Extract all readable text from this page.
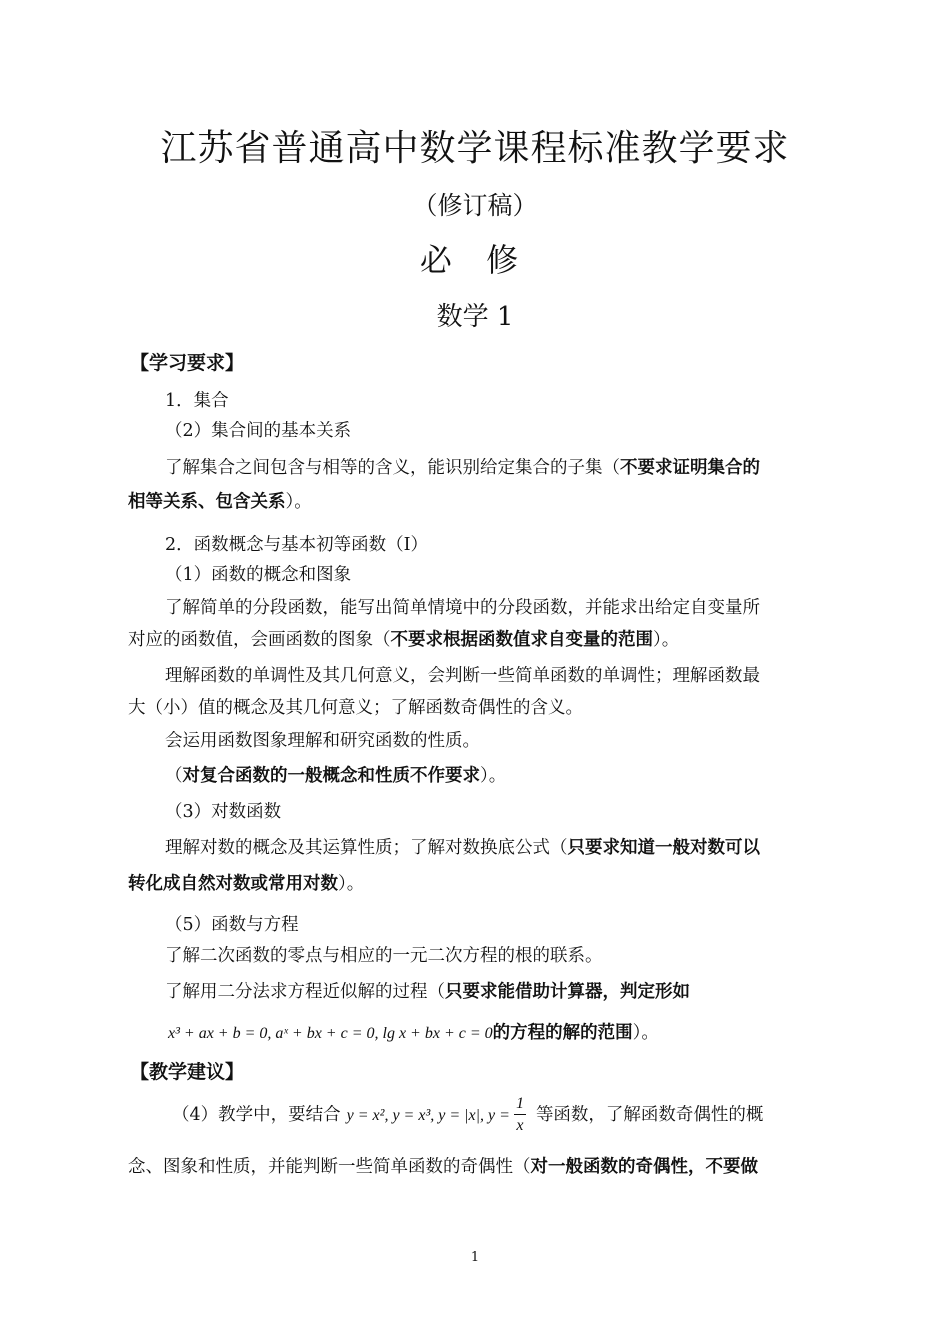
江苏省普通高中数学课程标准教学要求
（修订稿）
必 修
数学 1
【学习要求】
1．集合
（2）集合间的基本关系
了解集合之间包含与相等的含义，能识别给定集合的子集（不要求证明集合的
相等关系、包含关系）。
2．函数概念与基本初等函数（Ⅰ）
（1）函数的概念和图象
了解简单的分段函数，能写出简单情境中的分段函数，并能求出给定自变量所
对应的函数值，会画函数的图象（不要求根据函数值求自变量的范围）。
理解函数的单调性及其几何意义，会判断一些简单函数的单调性；理解函数最
大（小）值的概念及其几何意义；了解函数奇偶性的含义。
会运用函数图象理解和研究函数的性质。
（对复合函数的一般概念和性质不作要求）。
（3）对数函数
理解对数的概念及其运算性质；了解对数换底公式（只要求知道一般对数可以
转化成自然对数或常用对数）。
（5）函数与方程
了解二次函数的零点与相应的一元二次方程的根的联系。
了解用二分法求方程近似解的过程（只要求能借助计算器，判定形如
x³ + ax + b = 0, aˣ + bx + c = 0, lg x + bx + c = 0的方程的解的范围）。
【教学建议】
（4）教学中，要结合 y = x², y = x³, y = |x|, $y = \frac{1}{x}$ 等函数，了解函数奇偶性的概
念、图象和性质，并能判断一些简单函数的奇偶性（对一般函数的奇偶性，不要做
1
